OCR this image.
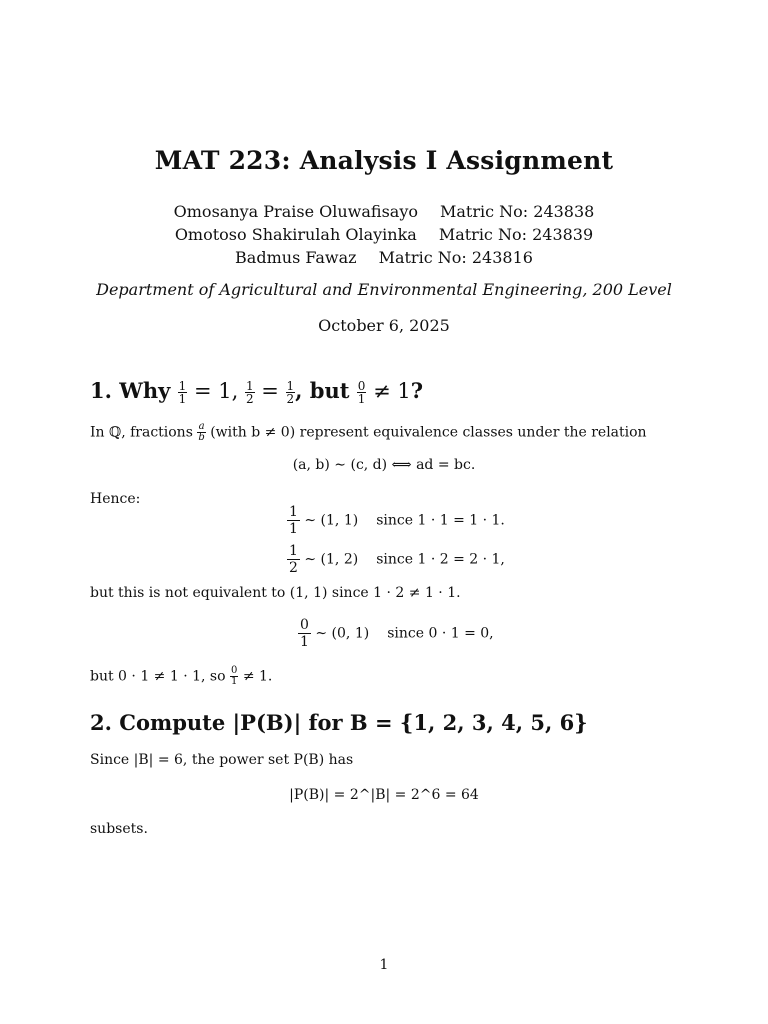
MAT 223: Analysis I Assignment
Omosanya Praise Oluwafisayo Matric No: 243838
Omotoso Shakirulah Olayinka Matric No: 243839
Badmus Fawaz Matric No: 243816
Department of Agricultural and Environmental Engineering, 200 Level
October 6, 2025
1. Why $\frac{1}{1} = 1$, $\frac{1}{2} = \frac{1}{2}$ , but $\frac{0}{1} \ne 1$?
In ℚ, fractions $\frac{a}{b}$ (with b ≠ 0) represent equivalence classes under the relation
(a, b) ∼ (c, d) ⟺ ad = bc.
Hence:
$\frac{1}{1}$ ∼ (1, 1) since 1 · 1 = 1 · 1.
$\frac{1}{2}$ ∼ (1, 2) since 1 · 2 = 2 · 1,
but this is not equivalent to (1, 1) since 1 · 2 ≠ 1 · 1.
$\frac{0}{1}$ ∼ (0, 1) since 0 · 1 = 0,
but 0 · 1 ≠ 1 · 1, so $\frac{0}{1} \ne 1$.
2. Compute |P(B)| for B = {1, 2, 3, 4, 5, 6}
Since |B| = 6, the power set P(B) has
|P(B)| = 2^|B| = 2^6 = 64
subsets.
1
